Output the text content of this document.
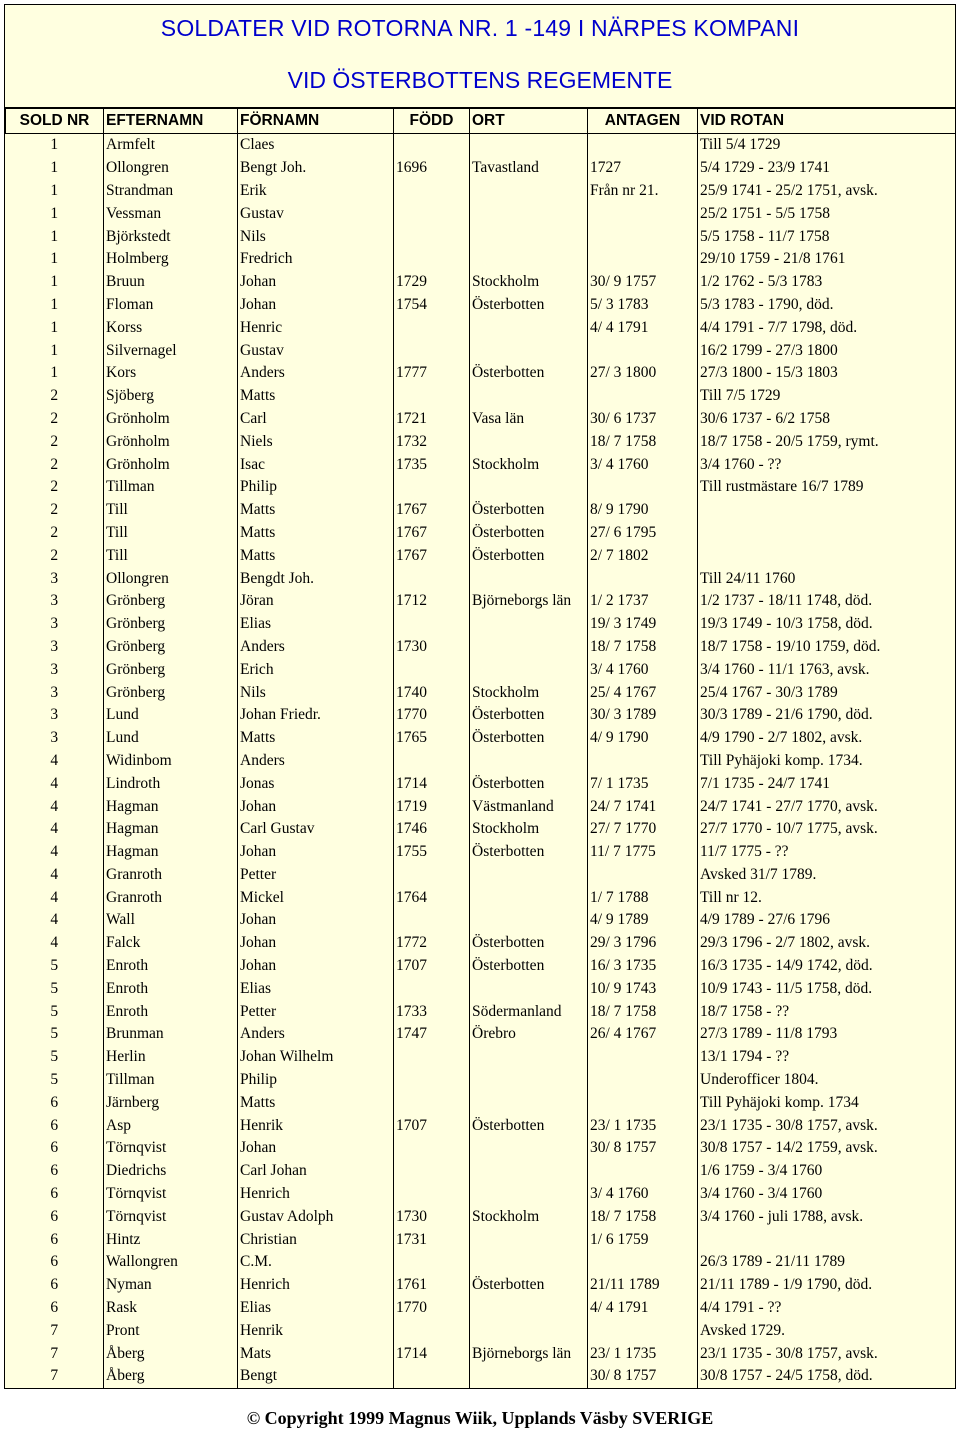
SOLDATER VID ROTORNA NR. 1 -149 I NÄRPES KOMPANI
VID ÖSTERBOTTENS REGEMENTE
SOLD NR	EFTERNAMN	FÖRNAMN	FÖDD	ORT	ANTAGEN	VID ROTAN
1	Armfelt	Claes				Till 5/4 1729
1	Ollongren	Bengt Joh.	1696	Tavastland	1727	5/4 1729 - 23/9 1741
1	Strandman	Erik			Från nr 21.	25/9 1741 - 25/2 1751, avsk.
1	Vessman	Gustav				25/2 1751 - 5/5 1758
1	Björkstedt	Nils				5/5 1758 - 11/7 1758
1	Holmberg	Fredrich				29/10 1759 - 21/8 1761
1	Bruun	Johan	1729	Stockholm	30/ 9 1757	1/2 1762 - 5/3 1783
1	Floman	Johan	1754	Österbotten	5/ 3 1783	5/3 1783 - 1790, död.
1	Korss	Henric			4/ 4 1791	4/4 1791 - 7/7 1798, död.
1	Silvernagel	Gustav				16/2 1799 - 27/3 1800
1	Kors	Anders	1777	Österbotten	27/ 3 1800	27/3 1800 - 15/3 1803
2	Sjöberg	Matts				Till 7/5 1729
2	Grönholm	Carl	1721	Vasa län	30/ 6 1737	30/6 1737 - 6/2 1758
2	Grönholm	Niels	1732		18/ 7 1758	18/7 1758 - 20/5 1759, rymt.
2	Grönholm	Isac	1735	Stockholm	3/ 4 1760	3/4 1760 - ??
2	Tillman	Philip				Till rustmästare 16/7 1789
2	Till	Matts	1767	Österbotten	8/ 9 1790	
2	Till	Matts	1767	Österbotten	27/ 6 1795	
2	Till	Matts	1767	Österbotten	2/ 7 1802	
3	Ollongren	Bengdt Joh.				Till 24/11 1760
3	Grönberg	Jöran	1712	Björneborgs län	1/ 2 1737	1/2 1737 - 18/11 1748, död.
3	Grönberg	Elias			19/ 3 1749	19/3 1749 - 10/3 1758, död.
3	Grönberg	Anders	1730		18/ 7 1758	18/7 1758 - 19/10 1759, död.
3	Grönberg	Erich			3/ 4 1760	3/4 1760 - 11/1 1763, avsk.
3	Grönberg	Nils	1740	Stockholm	25/ 4 1767	25/4 1767 - 30/3 1789
3	Lund	Johan Friedr.	1770	Österbotten	30/ 3 1789	30/3 1789 - 21/6 1790, död.
3	Lund	Matts	1765	Österbotten	4/ 9 1790	4/9 1790 - 2/7 1802, avsk.
4	Widinbom	Anders				Till Pyhäjoki komp. 1734.
4	Lindroth	Jonas	1714	Österbotten	7/ 1 1735	7/1 1735 - 24/7 1741
4	Hagman	Johan	1719	Västmanland	24/ 7 1741	24/7 1741 - 27/7 1770, avsk.
4	Hagman	Carl Gustav	1746	Stockholm	27/ 7 1770	27/7 1770 - 10/7 1775, avsk.
4	Hagman	Johan	1755	Österbotten	11/ 7 1775	11/7 1775 - ??
4	Granroth	Petter				Avsked 31/7 1789.
4	Granroth	Mickel	1764		1/ 7 1788	Till nr 12.
4	Wall	Johan			4/ 9 1789	4/9 1789 - 27/6 1796
4	Falck	Johan	1772	Österbotten	29/ 3 1796	29/3 1796 - 2/7 1802, avsk.
5	Enroth	Johan	1707	Österbotten	16/ 3 1735	16/3 1735 - 14/9 1742, död.
5	Enroth	Elias			10/ 9 1743	10/9 1743 - 11/5 1758, död.
5	Enroth	Petter	1733	Södermanland	18/ 7 1758	18/7 1758 - ??
5	Brunman	Anders	1747	Örebro	26/ 4 1767	27/3 1789 - 11/8 1793
5	Herlin	Johan Wilhelm				13/1 1794 - ??
5	Tillman	Philip				Underofficer 1804.
6	Järnberg	Matts				Till Pyhäjoki komp. 1734
6	Asp	Henrik	1707	Österbotten	23/ 1 1735	23/1 1735 - 30/8 1757, avsk.
6	Törnqvist	Johan			30/ 8 1757	30/8 1757 - 14/2 1759, avsk.
6	Diedrichs	Carl Johan				1/6 1759 - 3/4 1760
6	Törnqvist	Henrich			3/ 4 1760	3/4 1760 - 3/4 1760
6	Törnqvist	Gustav Adolph	1730	Stockholm	18/ 7 1758	3/4 1760 - juli 1788, avsk.
6	Hintz	Christian	1731		1/ 6 1759	
6	Wallongren	C.M.				26/3 1789 - 21/11 1789
6	Nyman	Henrich	1761	Österbotten	21/11 1789	21/11 1789 - 1/9 1790, död.
6	Rask	Elias	1770		4/ 4 1791	4/4 1791 - ??
7	Pront	Henrik				Avsked 1729.
7	Åberg	Mats	1714	Björneborgs län	23/ 1 1735	23/1 1735 - 30/8 1757, avsk.
7	Åberg	Bengt			30/ 8 1757	30/8 1757 - 24/5 1758, död.
© Copyright 1999 Magnus Wiik, Upplands Väsby SVERIGE
